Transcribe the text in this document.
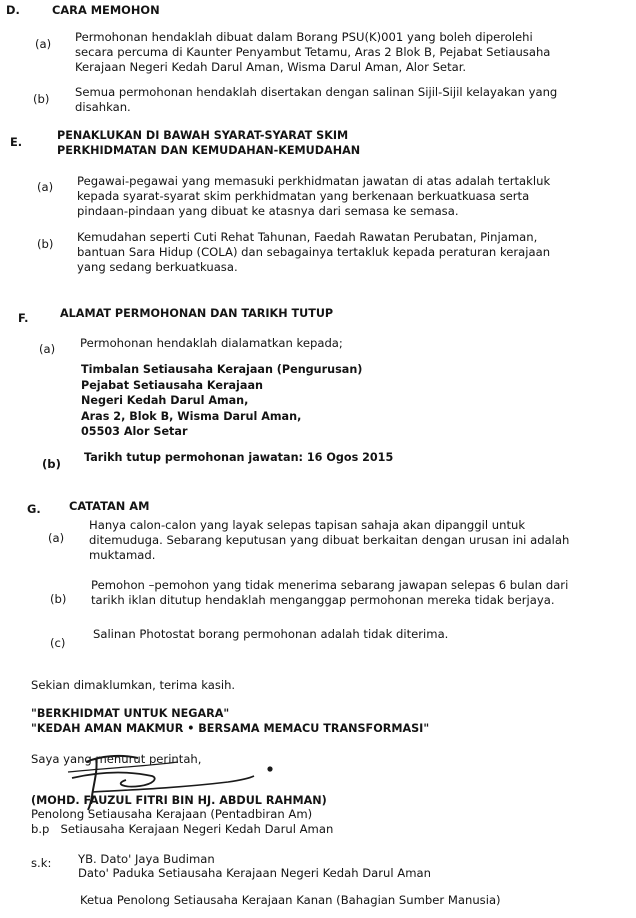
D.	CARA MEMOHON
(a) Permohonan hendaklah dibuat dalam Borang PSU(K)001 yang boleh diperolehi
secara percuma di Kaunter Penyambut Tetamu, Aras 2 Blok B, Pejabat Setiausaha
Kerajaan Negeri Kedah Darul Aman, Wisma Darul Aman, Alor Setar.
(b) Semua permohonan hendaklah disertakan dengan salinan Sijil-Sijil kelayakan yang
disahkan.
E.	PENAKLUKAN DI BAWAH SYARAT-SYARAT SKIM
PERKHIDMATAN DAN KEMUDAHAN-KEMUDAHAN
(a) Pegawai-pegawai yang memasuki perkhidmatan jawatan di atas adalah tertakluk
kepada syarat-syarat skim perkhidmatan yang berkenaan berkuatkuasa serta
pindaan-pindaan yang dibuat ke atasnya dari semasa ke semasa.
(b) Kemudahan seperti Cuti Rehat Tahunan, Faedah Rawatan Perubatan, Pinjaman,
bantuan Sara Hidup (COLA) dan sebagainya tertakluk kepada peraturan kerajaan
yang sedang berkuatkuasa.
F.	ALAMAT PERMOHONAN DAN TARIKH TUTUP
(a) Permohonan hendaklah dialamatkan kepada;
Timbalan Setiausaha Kerajaan (Pengurusan)
Pejabat Setiausaha Kerajaan
Negeri Kedah Darul Aman,
Aras 2, Blok B, Wisma Darul Aman,
05503 Alor Setar
(b) Tarikh tutup permohonan jawatan: 16 Ogos 2015
G. CATATAN AM
(a)
Hanya calon-calon yang layak selepas tapisan sahaja akan dipanggil untuk
ditemuduga. Sebarang keputusan yang dibuat berkaitan dengan urusan ini adalah
muktamad.
(b)
Pemohon –pemohon yang tidak menerima sebarang jawapan selepas 6 bulan dari
tarikh iklan ditutup hendaklah menganggap permohonan mereka tidak berjaya.
(c)
Salinan Photostat borang permohonan adalah tidak diterima.
Sekian dimaklumkan, terima kasih.
"BERKHIDMAT UNTUK NEGARA"
"KEDAH AMAN MAKMUR • BERSAMA MEMACU TRANSFORMASI"
Saya yang menurut perintah,
(MOHD. FAUZUL FITRI BIN HJ. ABDUL RAHMAN)
Penolong Setiausaha Kerajaan (Pentadbiran Am)
b.p   Setiausaha Kerajaan Negeri Kedah Darul Aman
s.k: YB. Dato' Jaya Budiman
Dato' Paduka Setiausaha Kerajaan Negeri Kedah Darul Aman
Ketua Penolong Setiausaha Kerajaan Kanan (Bahagian Sumber Manusia)
